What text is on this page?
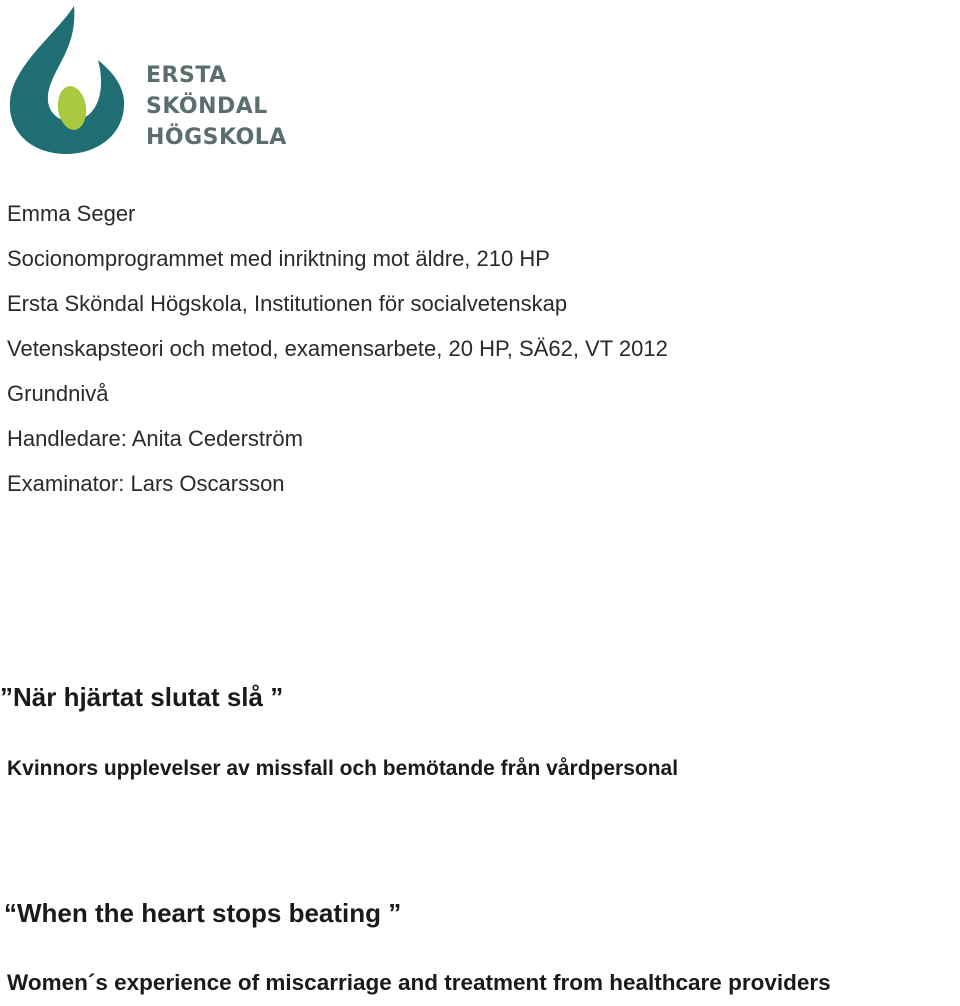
ERSTA
SKÖNDAL
HÖGSKOLA
Emma Seger
Socionomprogrammet med inriktning mot äldre, 210 HP
Ersta Sköndal Högskola, Institutionen för socialvetenskap
Vetenskapsteori och metod, examensarbete, 20 HP, SÄ62, VT 2012
Grundnivå
Handledare: Anita Cederström
Examinator: Lars Oscarsson
”När hjärtat slutat slå ”
Kvinnors upplevelser av missfall och bemötande från vårdpersonal
“When the heart stops beating ”
Women´s experience of miscarriage and treatment from healthcare providers
